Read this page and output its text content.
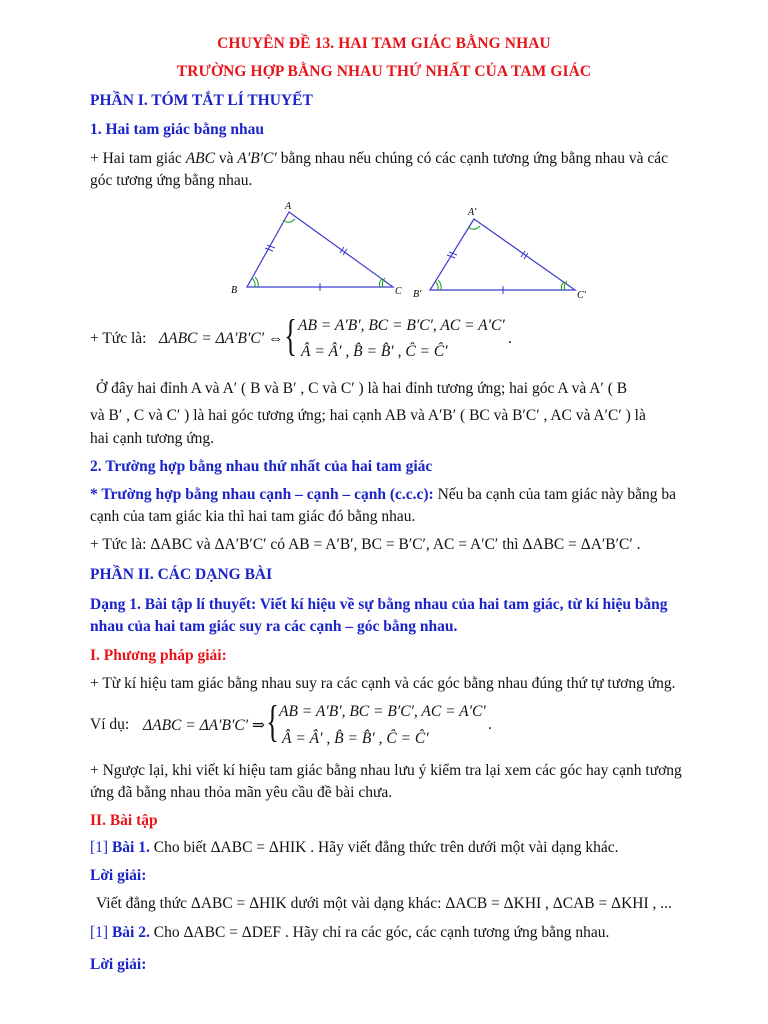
CHUYÊN ĐỀ 13. HAI TAM GIÁC BẰNG NHAU
TRƯỜNG HỢP BẰNG NHAU THỨ NHẤT CỦA TAM GIÁC
PHẦN I. TÓM TẮT LÍ THUYẾT
1. Hai tam giác bằng nhau
+ Hai tam giác ABC và A′B′C′ bằng nhau nếu chúng có các cạnh tương ứng bằng nhau và các
góc tương ứng bằng nhau.
A
B	C
A′
B′	C′
+ Tức là: ΔABC = ΔA′B′C′ ⇔ { AB = A′B′, BC = B′C′, AC = A′C′
Â = Â′ , B̂ = B̂′ , Ĉ = Ĉ′
.
Ở đây hai đỉnh A và A′ ( B và B′ , C và C′ ) là hai đỉnh tương ứng; hai góc A và A′ ( B
và B′ , C và C′ ) là hai góc tương ứng; hai cạnh AB và A′B′ ( BC và B′C′ , AC và A′C′ ) là
hai cạnh tương ứng.
2. Trường hợp bằng nhau thứ nhất của hai tam giác
* Trường hợp bằng nhau cạnh – cạnh – cạnh (c.c.c): Nếu ba cạnh của tam giác này bằng ba
cạnh của tam giác kia thì hai tam giác đó bằng nhau.
+ Tức là: ΔABC và ΔA′B′C′ có AB = A′B′, BC = B′C′, AC = A′C′ thì ΔABC = ΔA′B′C′ .
PHẦN II. CÁC DẠNG BÀI
Dạng 1. Bài tập lí thuyết: Viết kí hiệu về sự bằng nhau của hai tam giác, từ kí hiệu bằng
nhau của hai tam giác suy ra các cạnh – góc bằng nhau.
I. Phương pháp giải:
+ Từ kí hiệu tam giác bằng nhau suy ra các cạnh và các góc bằng nhau đúng thứ tự tương ứng.
Ví dụ: ΔABC = ΔA′B′C′ ⇒ { AB = A′B′, BC = B′C′, AC = A′C′
Â = Â′ , B̂ = B̂′ , Ĉ = Ĉ′
.
+ Ngược lại, khi viết kí hiệu tam giác bằng nhau lưu ý kiểm tra lại xem các góc hay cạnh tương
ứng đã bằng nhau thỏa mãn yêu cầu đề bài chưa.
II. Bài tập
[1] Bài 1. Cho biết ΔABC = ΔHIK . Hãy viết đẳng thức trên dưới một vài dạng khác.
Lời giải:
Viết đẳng thức ΔABC = ΔHIK dưới một vài dạng khác: ΔACB = ΔKHI , ΔCAB = ΔKHI , ...
[1] Bài 2. Cho ΔABC = ΔDEF . Hãy chỉ ra các góc, các cạnh tương ứng bằng nhau.
Lời giải:
